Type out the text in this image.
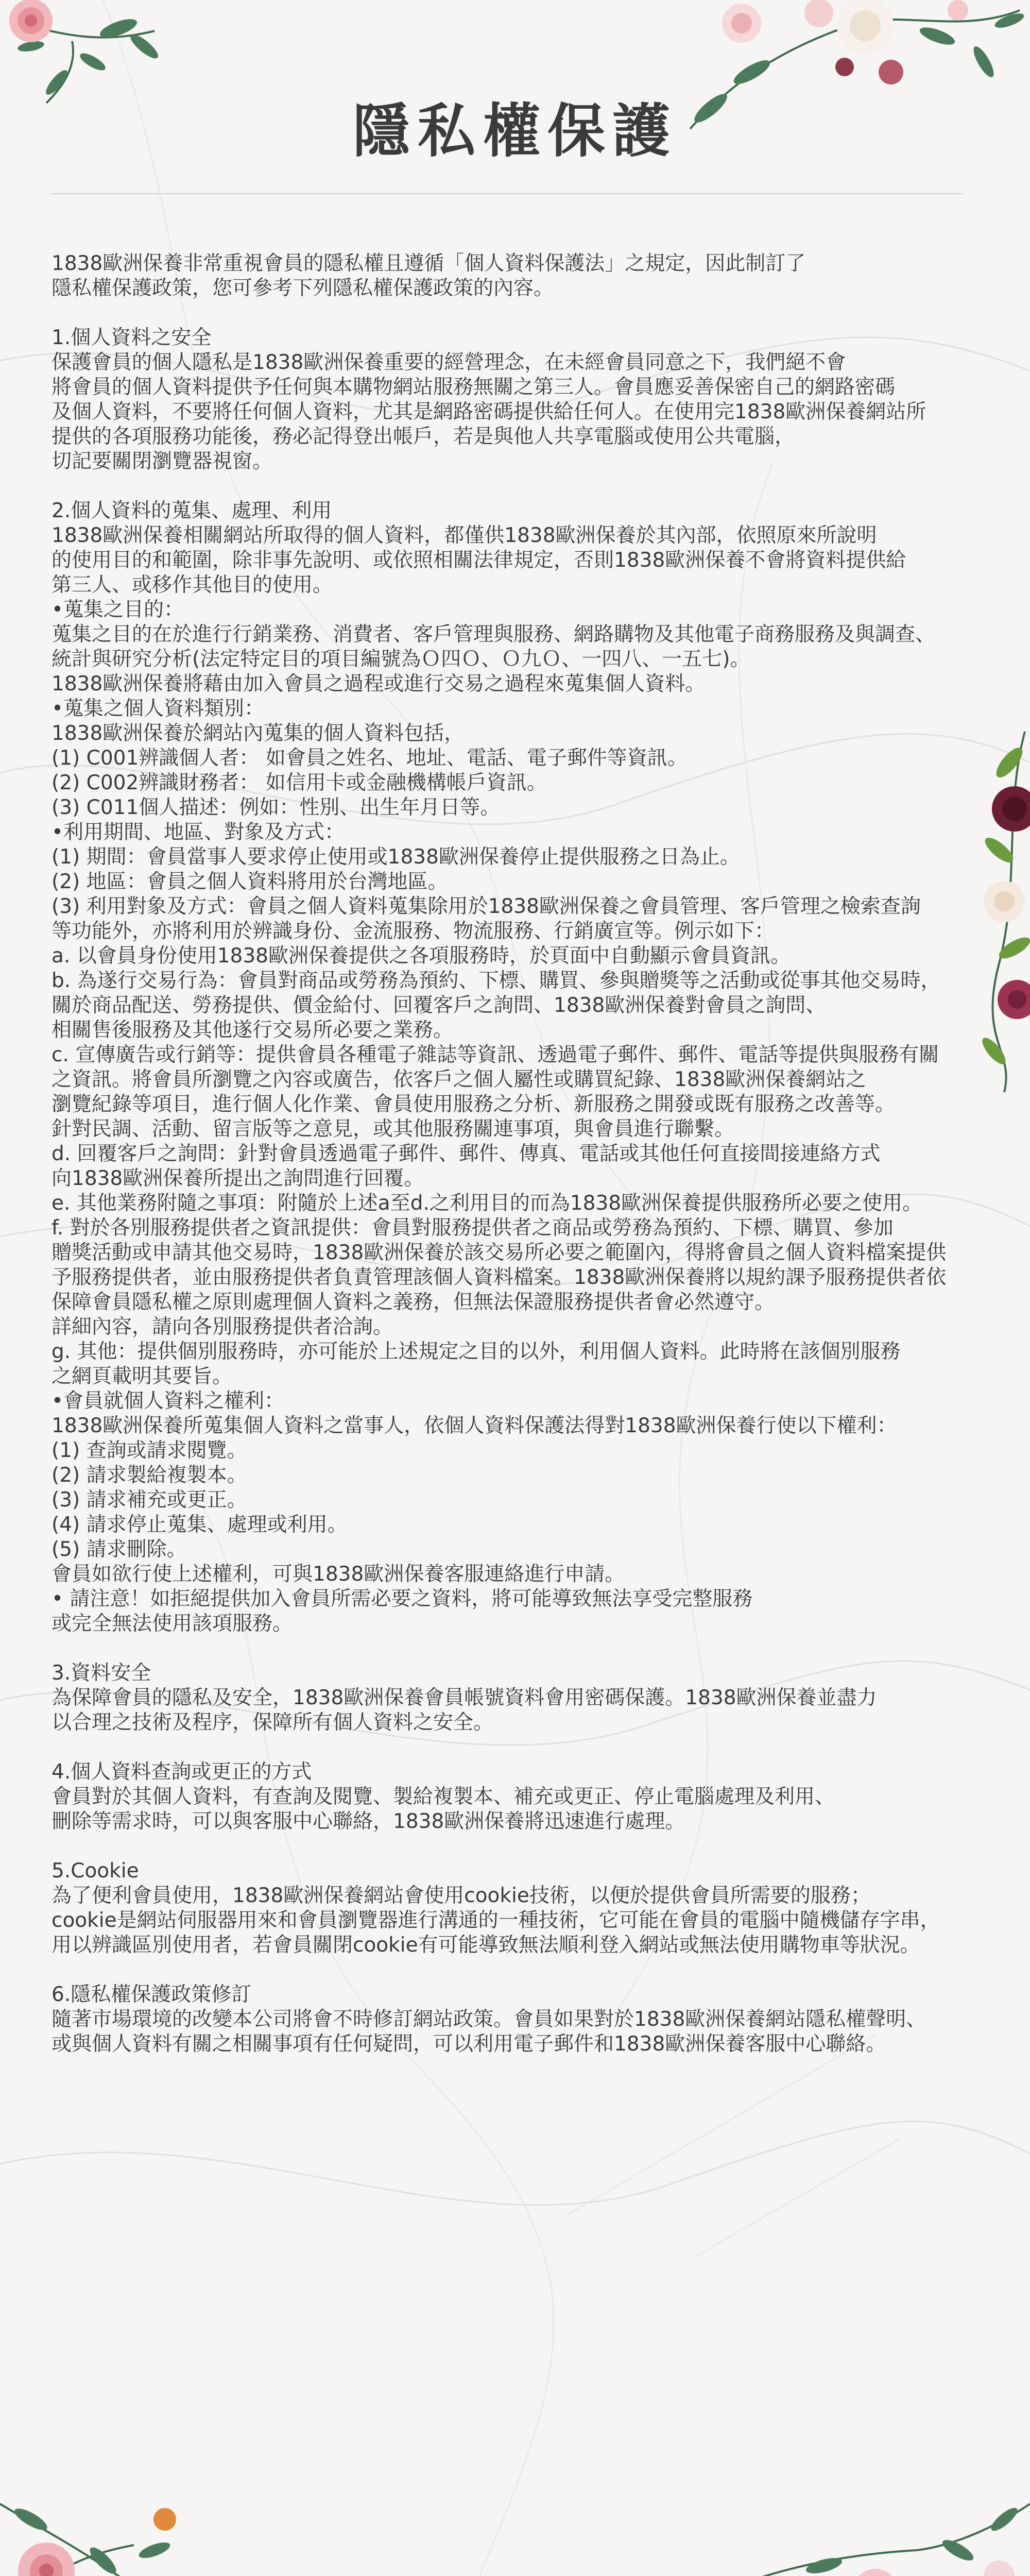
隱私權保護
1838歐洲保養非常重視會員的隱私權且遵循「個人資料保護法」之規定，因此制訂了
隱私權保護政策，您可參考下列隱私權保護政策的內容。
1.個人資料之安全
保護會員的個人隱私是1838歐洲保養重要的經營理念，在未經會員同意之下，我們絕不會
將會員的個人資料提供予任何與本購物網站服務無關之第三人。會員應妥善保密自己的網路密碼
及個人資料，不要將任何個人資料，尤其是網路密碼提供給任何人。在使用完1838歐洲保養網站所
提供的各項服務功能後，務必記得登出帳戶，若是與他人共享電腦或使用公共電腦，
切記要關閉瀏覽器視窗。
2.個人資料的蒐集、處理、利用
1838歐洲保養相關網站所取得的個人資料，都僅供1838歐洲保養於其內部，依照原來所說明
的使用目的和範圍，除非事先說明、或依照相關法律規定，否則1838歐洲保養不會將資料提供給
第三人、或移作其他目的使用。
•蒐集之目的：
蒐集之目的在於進行行銷業務、消費者、客戶管理與服務、網路購物及其他電子商務服務及與調查、
統計與研究分析(法定特定目的項目編號為Ｏ四Ｏ、Ｏ九Ｏ、一四八、一五七)。
1838歐洲保養將藉由加入會員之過程或進行交易之過程來蒐集個人資料。
•蒐集之個人資料類別：
1838歐洲保養於網站內蒐集的個人資料包括，
(1) C001辨識個人者： 如會員之姓名、地址、電話、電子郵件等資訊。
(2) C002辨識財務者： 如信用卡或金融機構帳戶資訊。
(3) C011個人描述：例如：性別、出生年月日等。
•利用期間、地區、對象及方式：
(1) 期間：會員當事人要求停止使用或1838歐洲保養停止提供服務之日為止。
(2) 地區：會員之個人資料將用於台灣地區。
(3) 利用對象及方式：會員之個人資料蒐集除用於1838歐洲保養之會員管理、客戶管理之檢索查詢
等功能外，亦將利用於辨識身份、金流服務、物流服務、行銷廣宣等。例示如下：
a. 以會員身份使用1838歐洲保養提供之各項服務時，於頁面中自動顯示會員資訊。
b. 為遂行交易行為：會員對商品或勞務為預約、下標、購買、參與贈獎等之活動或從事其他交易時，
關於商品配送、勞務提供、價金給付、回覆客戶之詢問、1838歐洲保養對會員之詢問、
相關售後服務及其他遂行交易所必要之業務。
c. 宣傳廣告或行銷等：提供會員各種電子雜誌等資訊、透過電子郵件、郵件、電話等提供與服務有關
之資訊。將會員所瀏覽之內容或廣告，依客戶之個人屬性或購買紀錄、1838歐洲保養網站之
瀏覽紀錄等項目，進行個人化作業、會員使用服務之分析、新服務之開發或既有服務之改善等。
針對民調、活動、留言版等之意見，或其他服務關連事項，與會員進行聯繫。
d. 回覆客戶之詢問：針對會員透過電子郵件、郵件、傳真、電話或其他任何直接間接連絡方式
向1838歐洲保養所提出之詢問進行回覆。
e. 其他業務附隨之事項：附隨於上述a至d.之利用目的而為1838歐洲保養提供服務所必要之使用。
f. 對於各別服務提供者之資訊提供：會員對服務提供者之商品或勞務為預約、下標、購買、參加
贈獎活動或申請其他交易時，1838歐洲保養於該交易所必要之範圍內，得將會員之個人資料檔案提供
予服務提供者，並由服務提供者負責管理該個人資料檔案。1838歐洲保養將以規約課予服務提供者依
保障會員隱私權之原則處理個人資料之義務，但無法保證服務提供者會必然遵守。
詳細內容，請向各別服務提供者洽詢。
g. 其他：提供個別服務時，亦可能於上述規定之目的以外，利用個人資料。此時將在該個別服務
之網頁載明其要旨。
•會員就個人資料之權利：
1838歐洲保養所蒐集個人資料之當事人，依個人資料保護法得對1838歐洲保養行使以下權利：
(1) 查詢或請求閱覽。
(2) 請求製給複製本。
(3) 請求補充或更正。
(4) 請求停止蒐集、處理或利用。
(5) 請求刪除。
會員如欲行使上述權利，可與1838歐洲保養客服連絡進行申請。
• 請注意！如拒絕提供加入會員所需必要之資料，將可能導致無法享受完整服務
或完全無法使用該項服務。
3.資料安全
為保障會員的隱私及安全，1838歐洲保養會員帳號資料會用密碼保護。1838歐洲保養並盡力
以合理之技術及程序，保障所有個人資料之安全。
4.個人資料查詢或更正的方式
會員對於其個人資料，有查詢及閱覽、製給複製本、補充或更正、停止電腦處理及利用、
刪除等需求時，可以與客服中心聯絡，1838歐洲保養將迅速進行處理。
5.Cookie
為了便利會員使用，1838歐洲保養網站會使用cookie技術，以便於提供會員所需要的服務；
cookie是網站伺服器用來和會員瀏覽器進行溝通的一種技術，它可能在會員的電腦中隨機儲存字串，
用以辨識區別使用者，若會員關閉cookie有可能導致無法順利登入網站或無法使用購物車等狀況。
6.隱私權保護政策修訂
隨著市場環境的改變本公司將會不時修訂網站政策。會員如果對於1838歐洲保養網站隱私權聲明、
或與個人資料有關之相關事項有任何疑問，可以利用電子郵件和1838歐洲保養客服中心聯絡。
